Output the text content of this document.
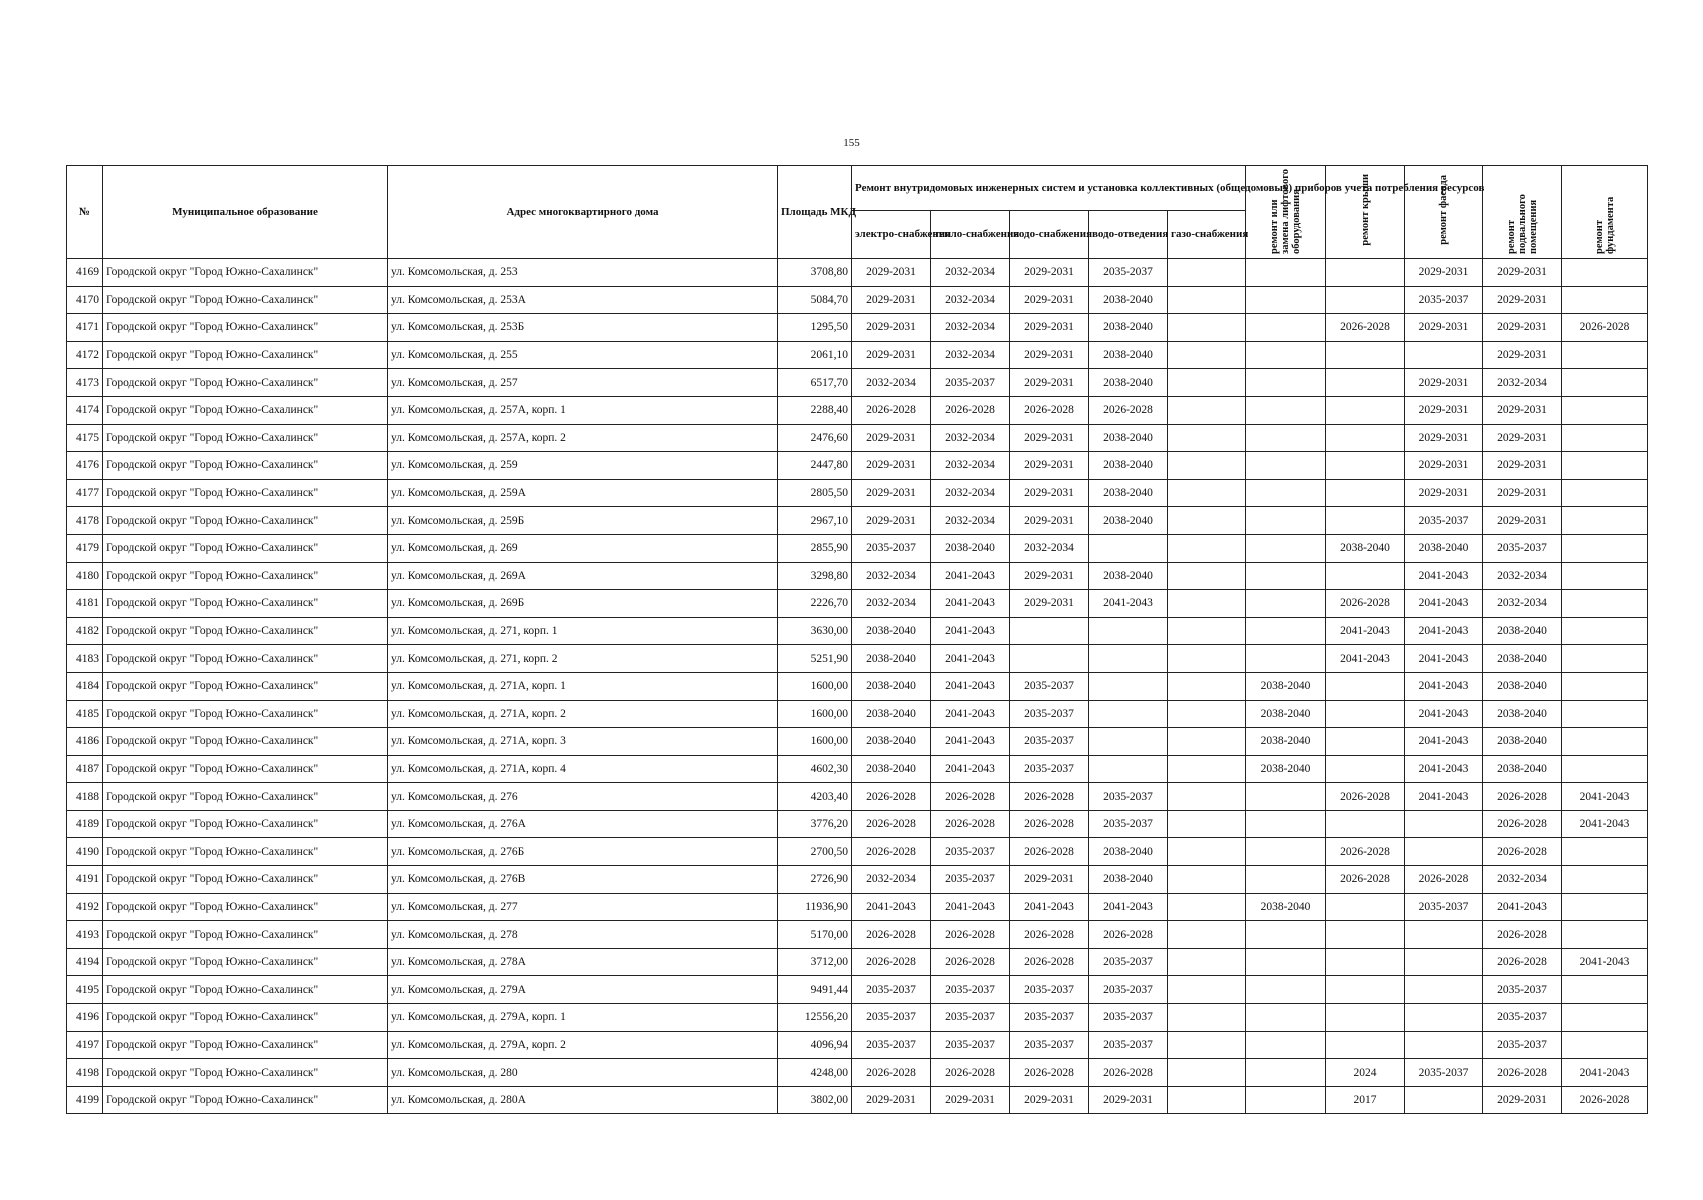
155
№	Муниципальное образование	Адрес многоквартирного дома	Площадь МКД	Ремонт внутридомовых инженерных систем и установка коллективных (общедомовых) приборов учета потребления ресурсов					ремонт или замена лифтового оборудования	ремонт крыши	ремонт фасада	ремонт подвального помещения	ремонт фундамента
				электро-снабжения	тепло-снабжения	водо-снабжения	водо-отведения	газо-снабжения					
4169	Городской округ "Город Южно-Сахалинск"	ул. Комсомольская, д. 253	3708,80	2029-2031	2032-2034	2029-2031	2035-2037				2029-2031	2029-2031	
4170	Городской округ "Город Южно-Сахалинск"	ул. Комсомольская, д. 253А	5084,70	2029-2031	2032-2034	2029-2031	2038-2040				2035-2037	2029-2031	
4171	Городской округ "Город Южно-Сахалинск"	ул. Комсомольская, д. 253Б	1295,50	2029-2031	2032-2034	2029-2031	2038-2040			2026-2028	2029-2031	2029-2031	2026-2028
4172	Городской округ "Город Южно-Сахалинск"	ул. Комсомольская, д. 255	2061,10	2029-2031	2032-2034	2029-2031	2038-2040					2029-2031	
4173	Городской округ "Город Южно-Сахалинск"	ул. Комсомольская, д. 257	6517,70	2032-2034	2035-2037	2029-2031	2038-2040				2029-2031	2032-2034	
4174	Городской округ "Город Южно-Сахалинск"	ул. Комсомольская, д. 257А, корп. 1	2288,40	2026-2028	2026-2028	2026-2028	2026-2028				2029-2031	2029-2031	
4175	Городской округ "Город Южно-Сахалинск"	ул. Комсомольская, д. 257А, корп. 2	2476,60	2029-2031	2032-2034	2029-2031	2038-2040				2029-2031	2029-2031	
4176	Городской округ "Город Южно-Сахалинск"	ул. Комсомольская, д. 259	2447,80	2029-2031	2032-2034	2029-2031	2038-2040				2029-2031	2029-2031	
4177	Городской округ "Город Южно-Сахалинск"	ул. Комсомольская, д. 259А	2805,50	2029-2031	2032-2034	2029-2031	2038-2040				2029-2031	2029-2031	
4178	Городской округ "Город Южно-Сахалинск"	ул. Комсомольская, д. 259Б	2967,10	2029-2031	2032-2034	2029-2031	2038-2040				2035-2037	2029-2031	
4179	Городской округ "Город Южно-Сахалинск"	ул. Комсомольская, д. 269	2855,90	2035-2037	2038-2040	2032-2034				2038-2040	2038-2040	2035-2037	
4180	Городской округ "Город Южно-Сахалинск"	ул. Комсомольская, д. 269А	3298,80	2032-2034	2041-2043	2029-2031	2038-2040				2041-2043	2032-2034	
4181	Городской округ "Город Южно-Сахалинск"	ул. Комсомольская, д. 269Б	2226,70	2032-2034	2041-2043	2029-2031	2041-2043			2026-2028	2041-2043	2032-2034	
4182	Городской округ "Город Южно-Сахалинск"	ул. Комсомольская, д. 271, корп. 1	3630,00	2038-2040	2041-2043					2041-2043	2041-2043	2038-2040	
4183	Городской округ "Город Южно-Сахалинск"	ул. Комсомольская, д. 271, корп. 2	5251,90	2038-2040	2041-2043					2041-2043	2041-2043	2038-2040	
4184	Городской округ "Город Южно-Сахалинск"	ул. Комсомольская, д. 271А, корп. 1	1600,00	2038-2040	2041-2043	2035-2037			2038-2040		2041-2043	2038-2040	
4185	Городской округ "Город Южно-Сахалинск"	ул. Комсомольская, д. 271А, корп. 2	1600,00	2038-2040	2041-2043	2035-2037			2038-2040		2041-2043	2038-2040	
4186	Городской округ "Город Южно-Сахалинск"	ул. Комсомольская, д. 271А, корп. 3	1600,00	2038-2040	2041-2043	2035-2037			2038-2040		2041-2043	2038-2040	
4187	Городской округ "Город Южно-Сахалинск"	ул. Комсомольская, д. 271А, корп. 4	4602,30	2038-2040	2041-2043	2035-2037			2038-2040		2041-2043	2038-2040	
4188	Городской округ "Город Южно-Сахалинск"	ул. Комсомольская, д. 276	4203,40	2026-2028	2026-2028	2026-2028	2035-2037			2026-2028	2041-2043	2026-2028	2041-2043
4189	Городской округ "Город Южно-Сахалинск"	ул. Комсомольская, д. 276А	3776,20	2026-2028	2026-2028	2026-2028	2035-2037					2026-2028	2041-2043
4190	Городской округ "Город Южно-Сахалинск"	ул. Комсомольская, д. 276Б	2700,50	2026-2028	2035-2037	2026-2028	2038-2040			2026-2028		2026-2028	
4191	Городской округ "Город Южно-Сахалинск"	ул. Комсомольская, д. 276В	2726,90	2032-2034	2035-2037	2029-2031	2038-2040			2026-2028	2026-2028	2032-2034	
4192	Городской округ "Город Южно-Сахалинск"	ул. Комсомольская, д. 277	11936,90	2041-2043	2041-2043	2041-2043	2041-2043		2038-2040		2035-2037	2041-2043	
4193	Городской округ "Город Южно-Сахалинск"	ул. Комсомольская, д. 278	5170,00	2026-2028	2026-2028	2026-2028	2026-2028					2026-2028	
4194	Городской округ "Город Южно-Сахалинск"	ул. Комсомольская, д. 278А	3712,00	2026-2028	2026-2028	2026-2028	2035-2037					2026-2028	2041-2043
4195	Городской округ "Город Южно-Сахалинск"	ул. Комсомольская, д. 279А	9491,44	2035-2037	2035-2037	2035-2037	2035-2037					2035-2037	
4196	Городской округ "Город Южно-Сахалинск"	ул. Комсомольская, д. 279А, корп. 1	12556,20	2035-2037	2035-2037	2035-2037	2035-2037					2035-2037	
4197	Городской округ "Город Южно-Сахалинск"	ул. Комсомольская, д. 279А, корп. 2	4096,94	2035-2037	2035-2037	2035-2037	2035-2037					2035-2037	
4198	Городской округ "Город Южно-Сахалинск"	ул. Комсомольская, д. 280	4248,00	2026-2028	2026-2028	2026-2028	2026-2028			2024	2035-2037	2026-2028	2041-2043
4199	Городской округ "Город Южно-Сахалинск"	ул. Комсомольская, д. 280А	3802,00	2029-2031	2029-2031	2029-2031	2029-2031			2017		2029-2031	2026-2028
